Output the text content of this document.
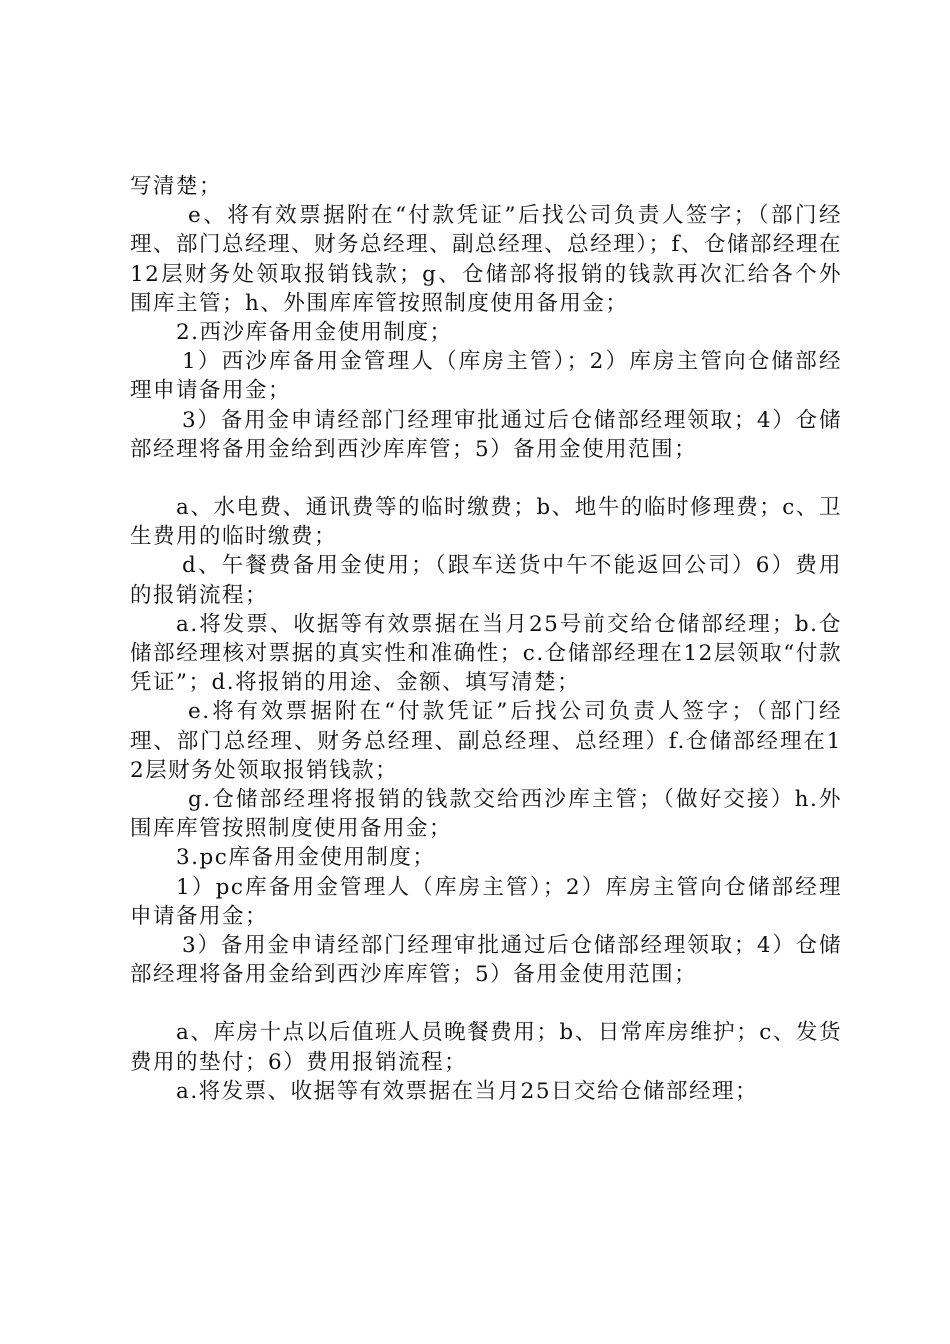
写清楚；

e、将有效票据附在“付款凭证”后找公司负责人签字；（部门经理、部门总经理、财务总经理、副总经理、总经理）；f、仓储部经理在12层财务处领取报销钱款；g、仓储部将报销的钱款再次汇给各个外围库主管；h、外围库库管按照制度使用备用金；

2.西沙库备用金使用制度；

1）西沙库备用金管理人（库房主管）；2）库房主管向仓储部经理申请备用金；

3）备用金申请经部门经理审批通过后仓储部经理领取；4）仓储部经理将备用金给到西沙库库管；5）备用金使用范围；

a、水电费、通讯费等的临时缴费；b、地牛的临时修理费；c、卫生费用的临时缴费；

d、午餐费备用金使用；（跟车送货中午不能返回公司）6）费用的报销流程；

a.将发票、收据等有效票据在当月25号前交给仓储部经理；b.仓储部经理核对票据的真实性和准确性；c.仓储部经理在12层领取“付款凭证”；d.将报销的用途、金额、填写清楚；

e.将有效票据附在“付款凭证”后找公司负责人签字；（部门经理、部门总经理、财务总经理、副总经理、总经理）f.仓储部经理在12层财务处领取报销钱款；

g.仓储部经理将报销的钱款交给西沙库主管；（做好交接）h.外围库库管按照制度使用备用金；

3.pc库备用金使用制度；

1）pc库备用金管理人（库房主管）；2）库房主管向仓储部经理申请备用金；

3）备用金申请经部门经理审批通过后仓储部经理领取；4）仓储部经理将备用金给到西沙库库管；5）备用金使用范围；

a、库房十点以后值班人员晚餐费用；b、日常库房维护；c、发货费用的垫付；6）费用报销流程；

a.将发票、收据等有效票据在当月25日交给仓储部经理；
